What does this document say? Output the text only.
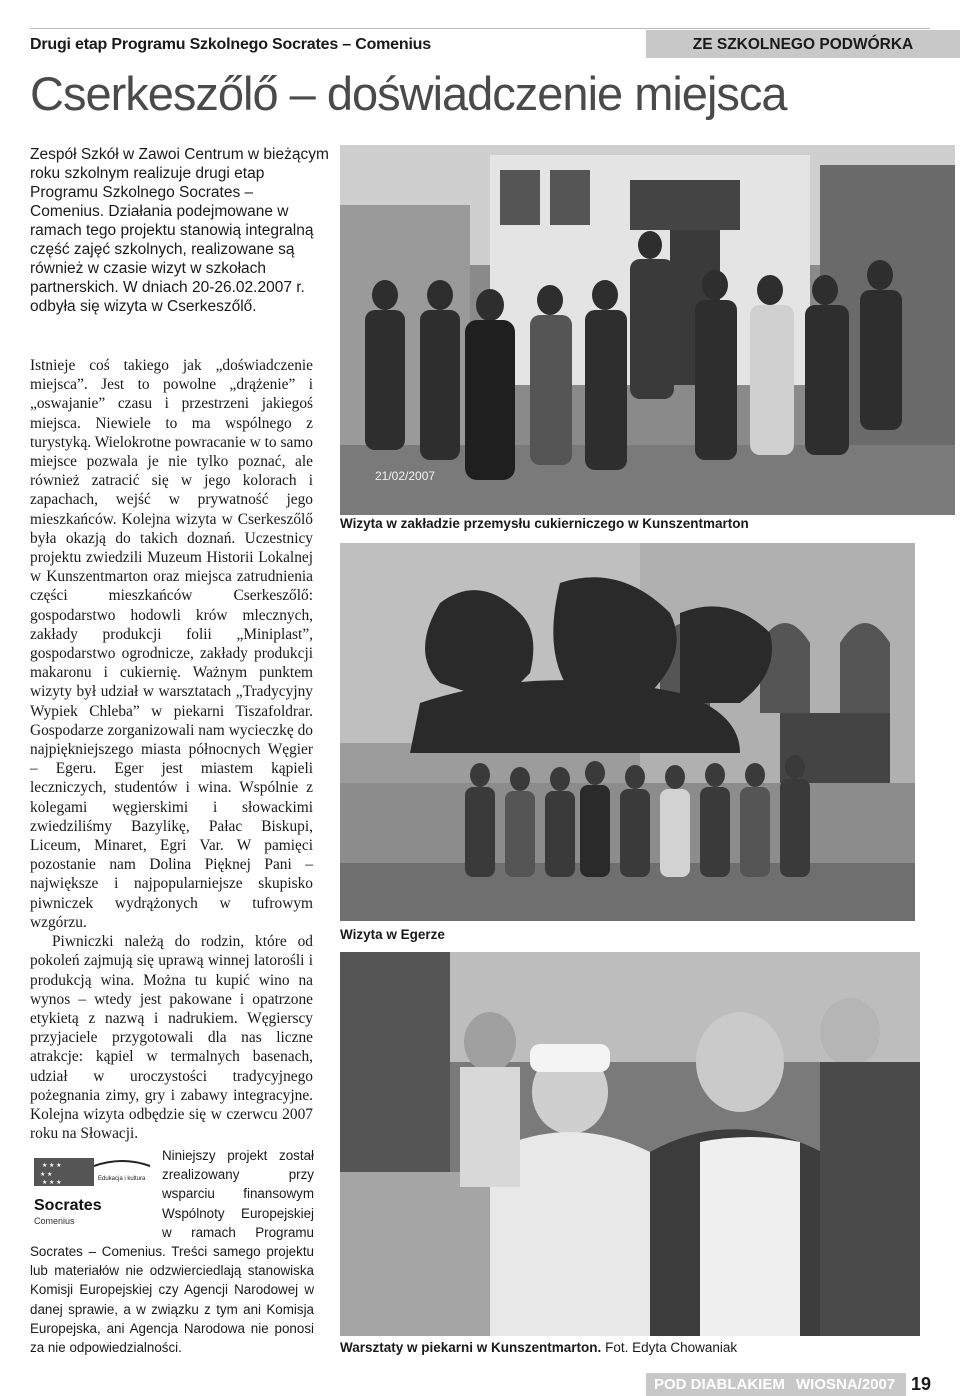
Drugi etap Programu Szkolnego Socrates – Comenius	ZE SZKOLNEGO PODWÓRKA
Cserkeszőlő – doświadczenie miejsca
Zespół Szkół w Zawoi Centrum w bieżącym roku szkolnym realizuje drugi etap Programu Szkolnego Socrates – Comenius. Działania podejmowane w ramach tego projektu stanowią integralną część zajęć szkolnych, realizowane są również w czasie wizyt w szkołach partnerskich. W dniach 20-26.02.2007 r. odbyła się wizyta w Cserkeszőlő.

Istnieje coś takiego jak „doświadczenie miejsca”. Jest to powolne „drążenie” i „oswajanie” czasu i przestrzeni jakiegoś miejsca. Niewiele to ma wspólnego z turystyką. Wielokrotne powracanie w to samo miejsce pozwala je nie tylko poznać, ale również zatracić się w jego kolorach i zapachach, wejść w prywatność jego mieszkańców. Kolejna wizyta w Cserkeszőlő była okazją do takich doznań. Uczestnicy projektu zwiedzili Muzeum Historii Lokalnej w Kunszentmarton oraz miejsca zatrudnienia części mieszkańców Cserkeszőlő: gospodarstwo hodowli krów mlecznych, zakłady produkcji folii „Miniplast”, gospodarstwo ogrodnicze, zakłady produkcji makaronu i cukiernię. Ważnym punktem wizyty był udział w warsztatach „Tradycyjny Wypiek Chleba” w piekarni Tiszafoldrar. Gospodarze zorganizowali nam wycieczkę do najpiękniejszego miasta północnych Węgier – Egeru. Eger jest miastem kąpieli leczniczych, studentów i wina. Wspólnie z kolegami węgierskimi i słowackimi zwiedziliśmy Bazylikę, Pałac Biskupi, Liceum, Minaret, Egri Var. W pamięci pozostanie nam Dolina Pięknej Pani – największe i najpopularniejsze skupisko piwniczek wydrążonych w tufrowym wzgórzu.

Piwniczki należą do rodzin, które od pokoleń zajmują się uprawą winnej latorośli i produkcją wina. Można tu kupić wino na wynos – wtedy jest pakowane i opatrzone etykietą z nazwą i nadrukiem. Węgierscy przyjaciele przygotowali dla nas liczne atrakcje: kąpiel w termalnych basenach, udział w uroczystości tradycyjnego pożegnania zimy, gry i zabawy integracyjne. Kolejna wizyta odbędzie się w czerwcu 2007 roku na Słowacji.

21/02/2007
Wizyta w zakładzie przemysłu cukierniczego w Kunszentmarton
Wizyta w Egerze
Warsztaty w piekarni w Kunszentmarton. Fot. Edyta Chowaniak
★ ★ ★
★ ★
★ ★ ★
Edukacja i kultura
Socrates
Comenius
Niniejszy projekt został zrealizowany przy wsparciu finansowym Wspólnoty Europejskiej w ramach Programu Socrates – Comenius. Treści samego projektu lub materiałów nie odzwierciedlają stanowiska Komisji Europejskiej czy Agencji Narodowej w danej sprawie, a w związku z tym ani Komisja Europejska, ani Agencja Narodowa nie ponosi za nie odpowiedzialności.
POD DIABLAKIEM WIOSNA/2007 19
